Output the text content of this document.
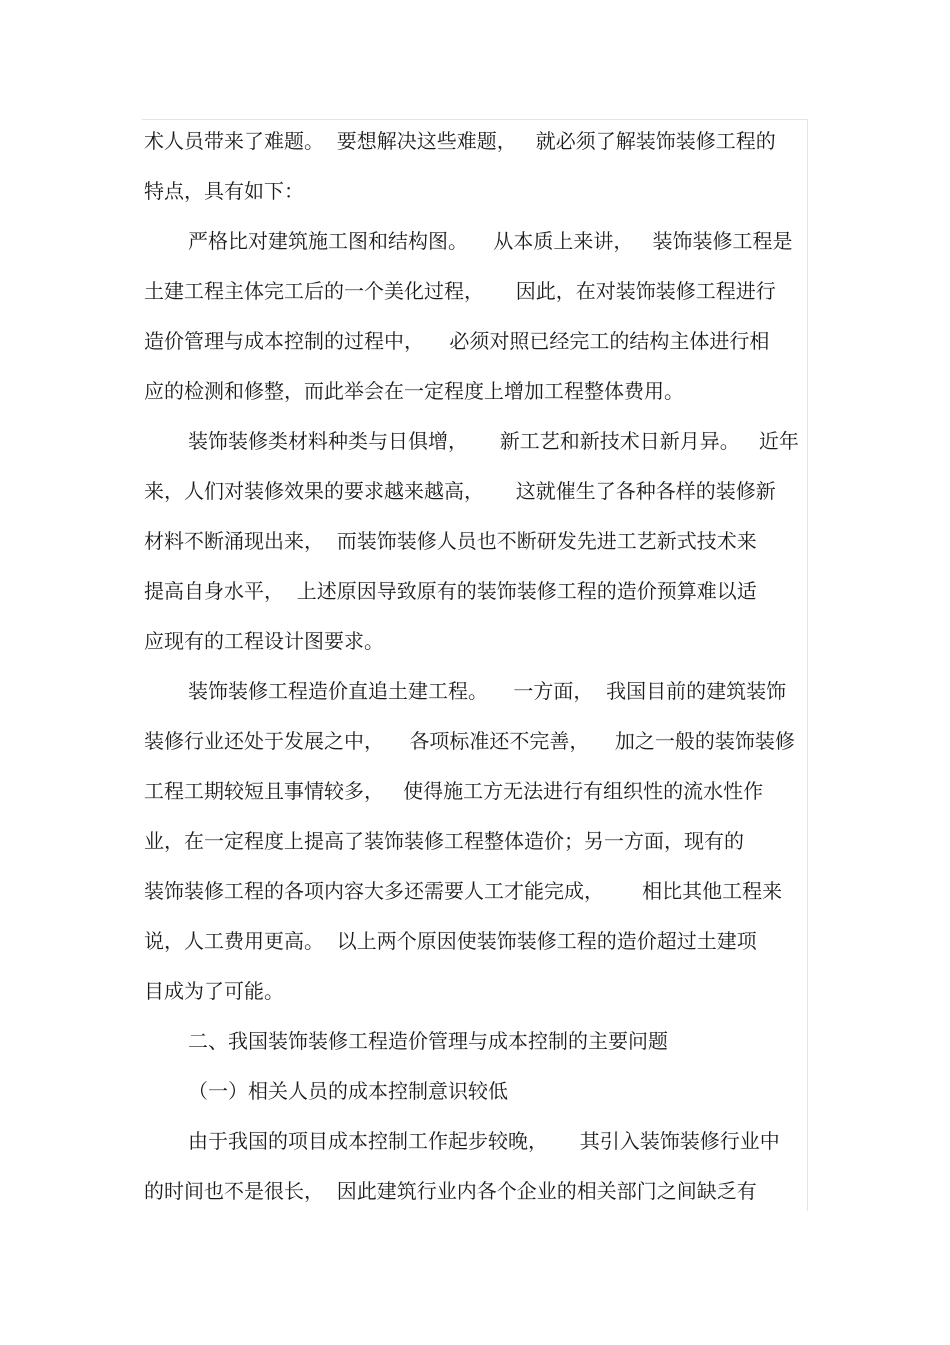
术人员带来了难题。  要想解决这些难题，   就必须了解装饰装修工程的
特点，具有如下：
严格比对建筑施工图和结构图。    从本质上来讲，   装饰装修工程是
土建工程主体完工后的一个美化过程，     因此，在对装饰装修工程进行
造价管理与成本控制的过程中，    必须对照已经完工的结构主体进行相
应的检测和修整，而此举会在一定程度上增加工程整体费用。
装饰装修类材料种类与日俱增，     新工艺和新技术日新月异。   近年
来，人们对装修效果的要求越来越高，     这就催生了各种各样的装修新
材料不断涌现出来，  而装饰装修人员也不断研发先进工艺新式技术来
提高自身水平，  上述原因导致原有的装饰装修工程的造价预算难以适
应现有的工程设计图要求。
装饰装修工程造价直追土建工程。    一方面，  我国目前的建筑装饰
装修行业还处于发展之中，    各项标准还不完善，    加之一般的装饰装修
工程工期较短且事情较多，   使得施工方无法进行有组织性的流水性作
业，在一定程度上提高了装饰装修工程整体造价；另一方面，现有的
装饰装修工程的各项内容大多还需要人工才能完成，      相比其他工程来
说，人工费用更高。  以上两个原因使装饰装修工程的造价超过土建项
目成为了可能。
二、我国装饰装修工程造价管理与成本控制的主要问题
（一）相关人员的成本控制意识较低
由于我国的项目成本控制工作起步较晚，     其引入装饰装修行业中
的时间也不是很长，  因此建筑行业内各个企业的相关部门之间缺乏有
